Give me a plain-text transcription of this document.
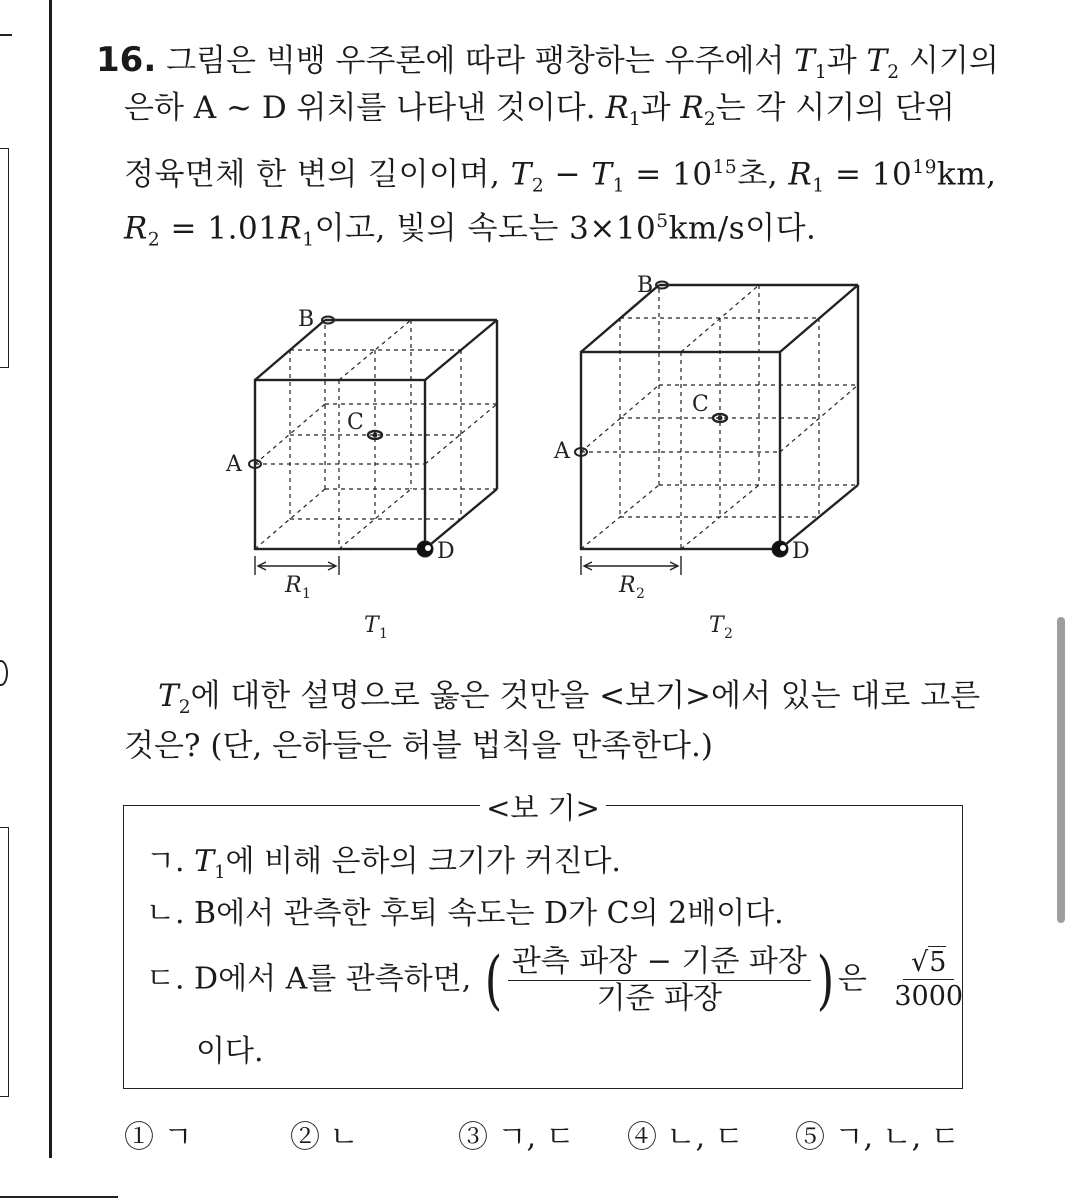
16. 그림은 빅뱅 우주론에 따라 팽창하는 우주에서 $T_1$과 $T_2$ 시기의
은하 A ~ D 위치를 나타낸 것이다. $R_1$과 $R_2$는 각 시기의 단위
정육면체 한 변의 길이이며, $T_2 - T_1 = 10^{15}$초, $R_1 = 10^{19}km$,
$R_2 = 1.01R_1$이고, 빛의 속도는 $3\times 10^5km/s$이다.
B
C
A
D
R 1
T 1
B
C
A
D
R 2
T 2
$T_2$에 대한 설명으로 옳은 것만을 <보기>에서 있는 대로 고른
것은? (단, 은하들은 허블 법칙을 만족한다.)
<보 기>
ㄱ. $T_1$에 비해 은하의 크기가 커진다.
ㄴ. B에서 관측한 후퇴 속도는 D가 C의 2배이다.
ㄷ. D에서 A를 관측하면, ( $\frac{\text{관측 파장 − 기준 파장}}{\text{기준 파장}}$ ) 은 $\frac{√5}{3000}$
이다.
① ㄱ	② ㄴ	③ ㄱ, ㄷ ④ ㄴ, ㄷ ⑤ ㄱ, ㄴ, ㄷ
